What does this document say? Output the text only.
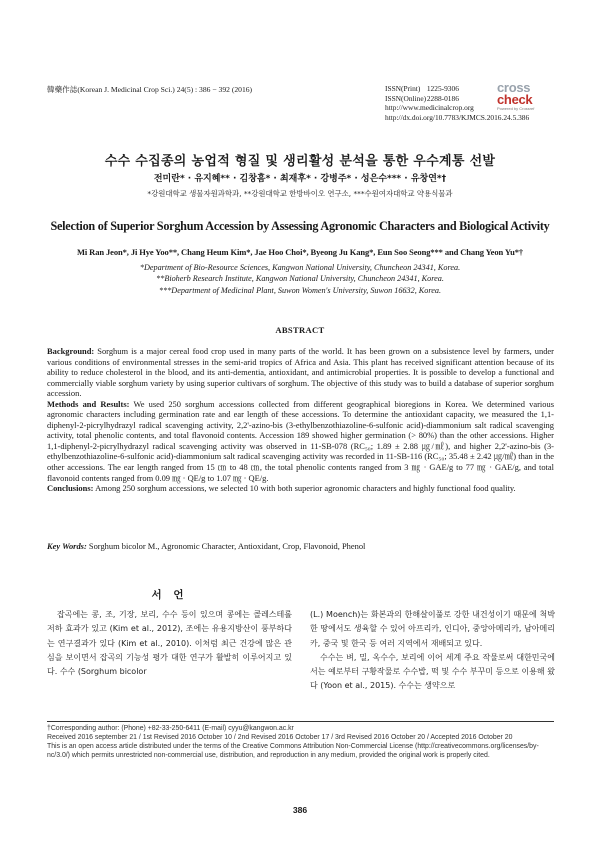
韓藥作誌(Korean J. Medicinal Crop Sci.) 24(5) : 386 − 392 (2016)	ISSN(Print) 1225-9306
ISSN(Online) 2288-0186
http://www.medicinalcrop.org
http://dx.doi.org/10.7783/KJMCS.2016.24.5.386
cross
check
Powered by Crossref
수수 수집종의 농업적 형질 및 생리활성 분석을 통한 우수계통 선발
전미란* · 유지혜** · 김창흠* · 최재후* · 강병주* · 성은수*** · 유창연*†
*강원대학교 생물자원과학과, **강원대학교 한방바이오 연구소, ***수원여자대학교 약용식물과
Selection of Superior Sorghum Accession by Assessing Agronomic Characters and Biological Activity
Mi Ran Jeon*, Ji Hye Yoo**, Chang Heum Kim*, Jae Hoo Choi*, Byeong Ju Kang*, Eun Soo Seong*** and Chang Yeon Yu*†
*Department of Bio-Resource Sciences, Kangwon National University, Chuncheon 24341, Korea.
**Bioherb Research Institute, Kangwon National University, Chuncheon 24341, Korea.
***Department of Medicinal Plant, Suwon Women's University, Suwon 16632, Korea.
ABSTRACT

Background: Sorghum is a major cereal food crop used in many parts of the world. It has been grown on a subsistence level by farmers, under various conditions of environmental stresses in the semi-arid tropics of Africa and Asia. This plant has received significant attention because of its ability to reduce cholesterol in the blood, and its anti-dementia, antioxidant, and antimicrobial properties. It is possible to develop a functional and commercially viable sorghum variety by using superior cultivars of sorghum. The objective of this study was to build a database of superior sorghum accession.

Methods and Results: We used 250 sorghum accessions collected from different geographical bioregions in Korea. We determined various agronomic characters including germination rate and ear length of these accessions. To determine the antioxidant capacity, we measured the 1,1-diphenyl-2-picrylhydrazyl radical scavenging activity, 2,2'-azino-bis (3-ethylbenzothiazoline-6-sulfonic acid)-diammonium salt radical scavenging activity, total phenolic contents, and total flavonoid contents. Accession 189 showed higher germination (> 80%) than the other accessions. Higher 1,1-diphenyl-2-picrylhydrazyl radical scavenging activity was observed in 11-SB-078 (RC₅₀; 1.89 ± 2.88 ㎍/㎖), and higher 2,2'-azino-bis (3-ethylbenzothiazoline-6-sulfonic acid)-diammonium salt radical scavenging activity was recorded in 11-SB-116 (RC₅₀; 35.48 ± 2.42 ㎍/㎖) than in the other accessions. The ear length ranged from 15 ㎝ to 48 ㎝, the total phenolic contents ranged from 3 ㎎ · GAE/g to 77 ㎎ · GAE/g, and total flavonoid contents ranged from 0.09 ㎎ · QE/g to 1.07 ㎎ · QE/g.

Conclusions: Among 250 sorghum accessions, we selected 10 with both superior agronomic characters and highly functional food quality.

Key Words: Sorghum bicolor M., Agronomic Character, Antioxidant, Crop, Flavonoid, Phenol
서 언

잡곡에는 콩, 조, 기장, 보리, 수수 등이 있으며 콩에는 콜레스테롤 저하 효과가 있고 (Kim et al., 2012), 조에는 유용지방산이 풍부하다는 연구결과가 있다 (Kim et al., 2010). 이처럼 최근 건강에 많은 관심을 보이면서 잡곡의 기능성 평가 대한 연구가 활발히 이루어지고 있다. 수수 (Sorghum bicolor

(L.) Moench)는 화본과의 한해살이풀로 강한 내건성이기 때문에 척박한 땅에서도 생육할 수 있어 아프리카, 인디아, 중앙아메리카, 남아메리카, 중국 및 한국 등 여러 지역에서 재배되고 있다.

수수는 벼, 밀, 옥수수, 보리에 이어 세계 주요 작물로써 대한민국에서는 예로부터 구황작물로 수수밥, 떡 및 수수 부꾸미 등으로 이용해 왔다 (Yoon et al., 2015). 수수는 생약으로

†Corresponding author: (Phone) +82-33-250-6411 (E-mail) cyyu@kangwon.ac.kr

Received 2016 september 21 / 1st Revised 2016 October 10 / 2nd Revised 2016 October 17 / 3rd Revised 2016 October 20 / Accepted 2016 October 20

This is an open access article distributed under the terms of the Creative Commons Attribution Non-Commercial License (http://creativecommons.org/licenses/by-nc/3.0/) which permits unrestricted non-commercial use, distribution, and reproduction in any medium, provided the original work is properly cited.

386
